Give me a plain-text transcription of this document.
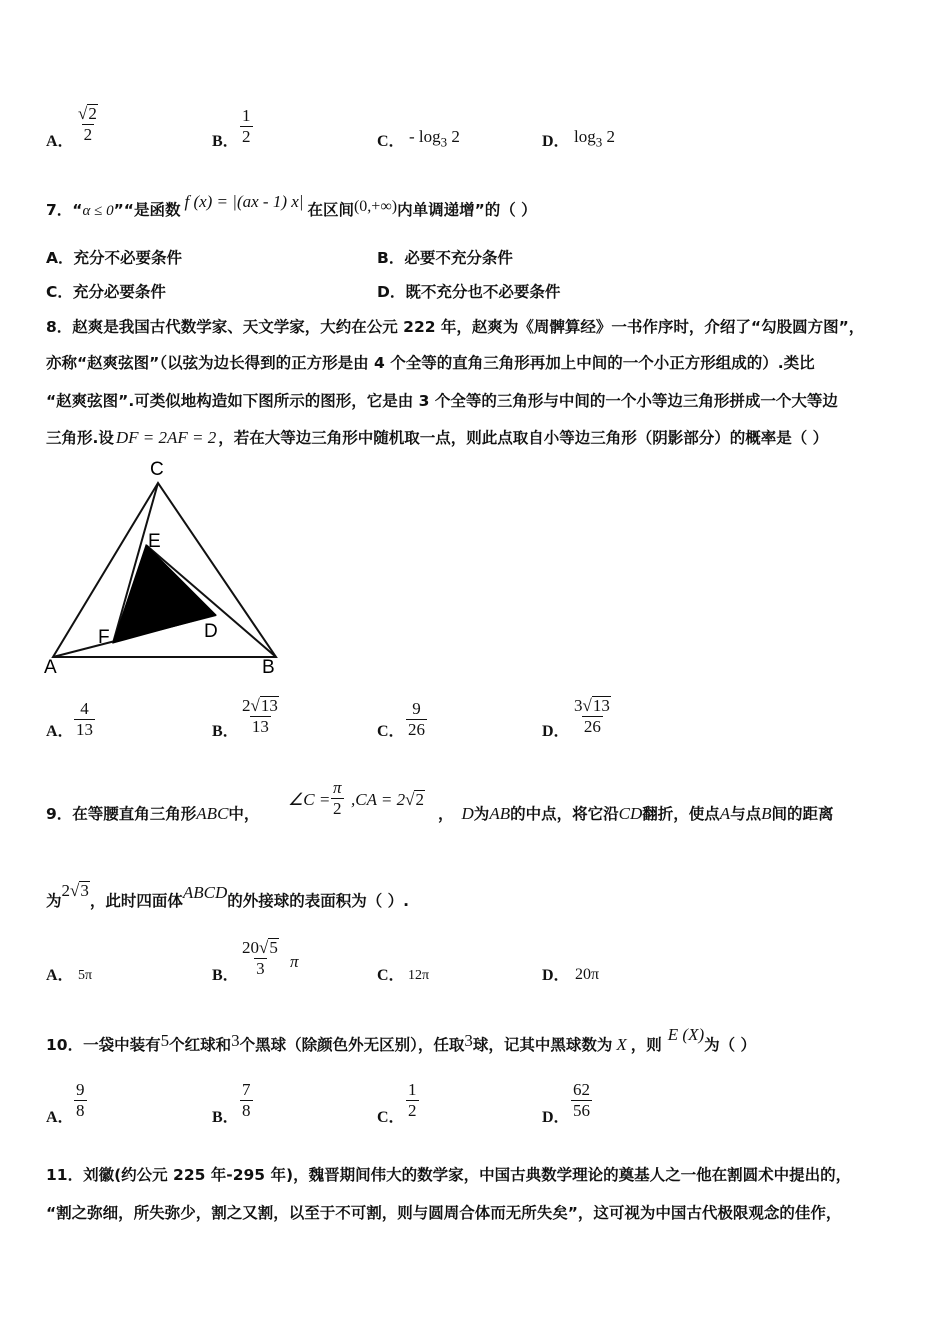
A． $\frac{√2}{2}$	B． $\frac{1}{2}$	C． - $\log_3 2$	D． $\log_3 2$
7．“α ≤ 0”“是函数 f (x) = |(ax - 1) x| 在区间(0,+∞)内单调递增”的（ ）
A．充分不必要条件	B．必要不充分条件
C．充分必要条件	D．既不充分也不必要条件
8．赵爽是我国古代数学家、天文学家，大约在公元 222 年，赵爽为《周髀算经》一书作序时，介绍了“勾股圆方图”，
亦称“赵爽弦图”（以弦为边长得到的正方形是由 4 个全等的直角三角形再加上中间的一个小正方形组成的）.类比
“赵爽弦图”.可类似地构造如下图所示的图形，它是由 3 个全等的三角形与中间的一个小等边三角形拼成一个大等边
三角形.设 DF = 2AF = 2 ，若在大等边三角形中随机取一点，则此点取自小等边三角形（阴影部分）的概率是（ ）
C
E
D
F
A	B
A． $\frac{4}{13}$	B． $\frac{2√13}{13}$	C． $\frac{9}{26}$	D． $\frac{3√13}{26}$
9．在等腰直角三角形ABC中，
∠C = $\frac{\pi}{2} ,CA = 2√2$
， D为AB的中点，将它沿CD翻折，使点A与点B间的距离
为2√3，此时四面体ABCD的外接球的表面积为（ ）.
A． 5π	B． $\frac{20√5}{3}$ π
C． 12π	D． 20π
10．一袋中装有5个红球和3个黑球（除颜色外无区别），任取3球，记其中黑球数为 X ，则E (X)为（ ）
A． $\frac{9}{8}$	B． $\frac{7}{8}$	C． $\frac{1}{2}$	D． $\frac{62}{56}$
11．刘徽(约公元 225 年-295 年)，魏晋期间伟大的数学家，中国古典数学理论的奠基人之一他在割圆术中提出的，
“割之弥细，所失弥少，割之又割，以至于不可割，则与圆周合体而无所失矣”，这可视为中国古代极限观念的佳作，
